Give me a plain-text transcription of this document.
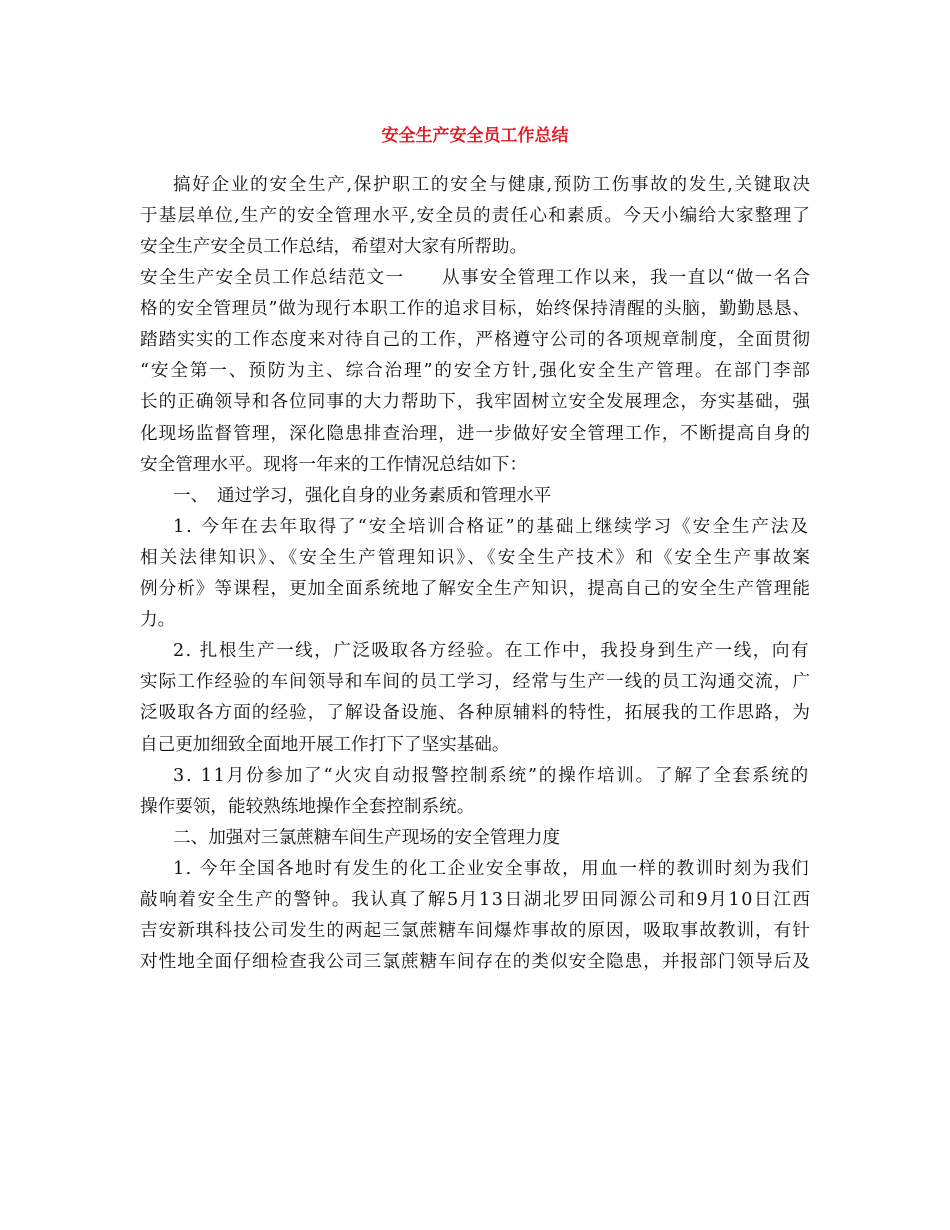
安全生产安全员工作总结
搞好企业的安全生产,保护职工的安全与健康,预防工伤事故的发生,关键取决
于基层单位,生产的安全管理水平,安全员的责任心和素质。今天小编给大家整理了
安全生产安全员工作总结，希望对大家有所帮助。
安全生产安全员工作总结范文一　　从事安全管理工作以来，我一直以“做一名合
格的安全管理员”做为现行本职工作的追求目标，始终保持清醒的头脑，勤勤恳恳、
踏踏实实的工作态度来对待自己的工作，严格遵守公司的各项规章制度，全面贯彻
“安全第一、预防为主、综合治理”的安全方针,强化安全生产管理。在部门李部
长的正确领导和各位同事的大力帮助下，我牢固树立安全发展理念，夯实基础，强
化现场监督管理，深化隐患排查治理，进一步做好安全管理工作，不断提高自身的
安全管理水平。现将一年来的工作情况总结如下：
一、　通过学习，强化自身的业务素质和管理水平
1. 今年在去年取得了“安全培训合格证”的基础上继续学习《安全生产法及
相关法律知识》、《安全生产管理知识》、《安全生产技术》和《安全生产事故案
例分析》等课程，更加全面系统地了解安全生产知识，提高自己的安全生产管理能
力。
2. 扎根生产一线，广泛吸取各方经验。在工作中，我投身到生产一线，向有
实际工作经验的车间领导和车间的员工学习，经常与生产一线的员工沟通交流，广
泛吸取各方面的经验，了解设备设施、各种原辅料的特性，拓展我的工作思路，为
自己更加细致全面地开展工作打下了坚实基础。
3. 11月份参加了“火灾自动报警控制系统”的操作培训。了解了全套系统的
操作要领，能较熟练地操作全套控制系统。
二、加强对三氯蔗糖车间生产现场的安全管理力度
1. 今年全国各地时有发生的化工企业安全事故，用血一样的教训时刻为我们
敲响着安全生产的警钟。我认真了解5月13日湖北罗田同源公司和9月10日江西
吉安新琪科技公司发生的两起三氯蔗糖车间爆炸事故的原因，吸取事故教训，有针
对性地全面仔细检查我公司三氯蔗糖车间存在的类似安全隐患，并报部门领导后及
